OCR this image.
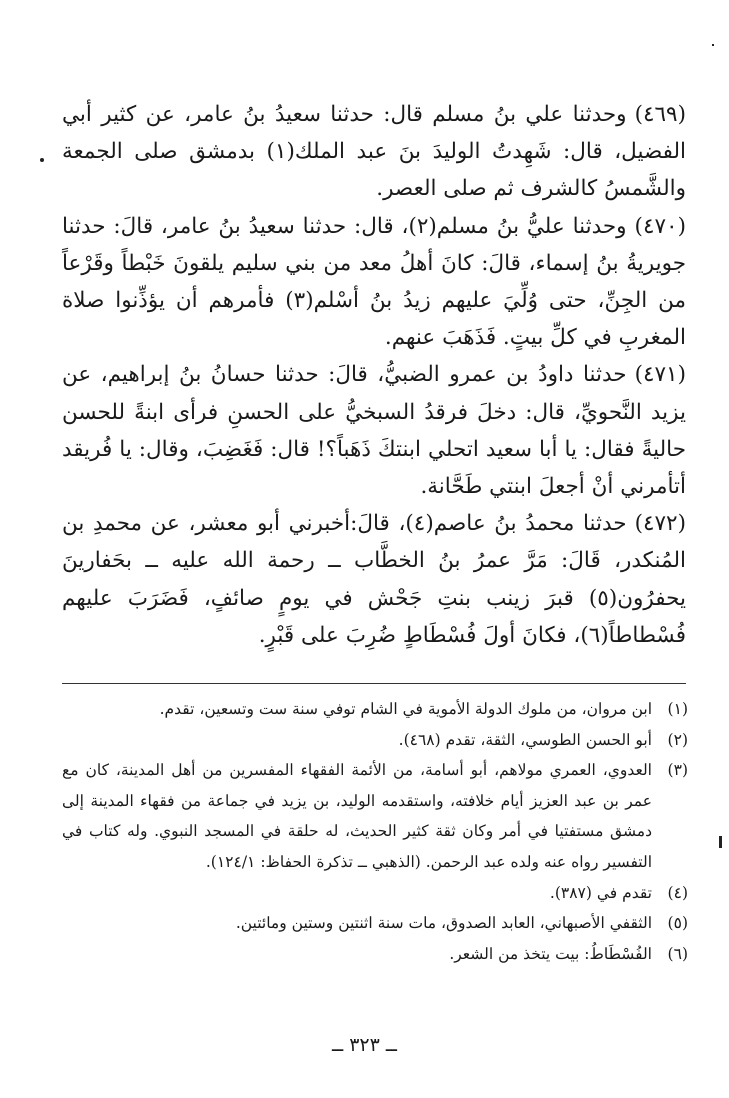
(٤٦٩)وحدثنا علي بنُ مسلم قال: حدثنا سعيدُ بنُ عامر، عن كثير أبي الفضيل، قال: شَهِدتُ الوليدَ بنَ عبد الملك(١) بدمشق صلى الجمعة والشَّمسُ كالشرف ثم صلى العصر.

(٤٧٠)وحدثنا عليُّ بنُ مسلم(٢)، قال: حدثنا سعيدُ بنُ عامر، قالَ: حدثنا جويريةُ بنُ إسماء، قالَ: كانَ أهلُ معد من بني سليم يلقونَ خَبْطاً وقَرْعاً من الجِنِّ، حتى وُلِّيَ عليهم زيدُ بنُ أسْلم(٣) فأمرهم أن يؤذِّنوا صلاة المغربِ في كلِّ بيتٍ. فَذَهَبَ عنهم.

(٤٧١)حدثنا داودُ بن عمرو الضبيُّ، قالَ: حدثنا حسانُ بنُ إبراهيم، عن يزيد النَّحويِّ، قال: دخلَ فرقدُ السبخيُّ على الحسنِ فرأى ابنةً للحسن حاليةً فقال: يا أبا سعيد اتحلي ابنتكَ ذَهَباً؟! قال: فَغَضِبَ، وقال: يا فُريقد أتأمرني أنْ أجعلَ ابنتي طَحَّانة.

(٤٧٢)حدثنا محمدُ بنُ عاصم(٤)، قالَ:أخبرني أبو معشر، عن محمدِ بن المُنكدر، قَالَ: مَرَّ عمرُ بنُ الخطَّاب ــ رحمة الله عليه ــ بحَفارينَ يحفرُون(٥) قبرَ زينب بنتِ جَحْش في يومٍ صائفٍ، فَضَرَبَ عليهم فُسْطاطاً(٦)، فكانَ أولَ فُسْطَاطٍ ضُرِبَ على قَبْرٍ.

(١)
ابن مروان، من ملوك الدولة الأموية في الشام توفي سنة ست وتسعين، تقدم.
(٢)
أبو الحسن الطوسي، الثقة، تقدم (٤٦٨).
(٣)
العدوي، العمري مولاهم، أبو أسامة، من الأئمة الفقهاء المفسرين من أهل المدينة، كان مع عمر بن عبد العزيز أيام خلافته، واستقدمه الوليد، بن يزيد في جماعة من فقهاء المدينة إلى دمشق مستفتيا في أمر وكان ثقة كثير الحديث، له حلقة في المسجد النبوي. وله كتاب في التفسير رواه عنه ولده عبد الرحمن. (الذهبي ــ تذكرة الحفاظ: ١٢٤/١).
(٤)
تقدم في (٣٨٧).
(٥)
الثقفي الأصبهاني، العابد الصدوق، مات سنة اثنتين وستين ومائتين.
(٦)
الفُسْطَاطُ: بيت يتخذ من الشعر.
ــ ٣٢٣ ــ
